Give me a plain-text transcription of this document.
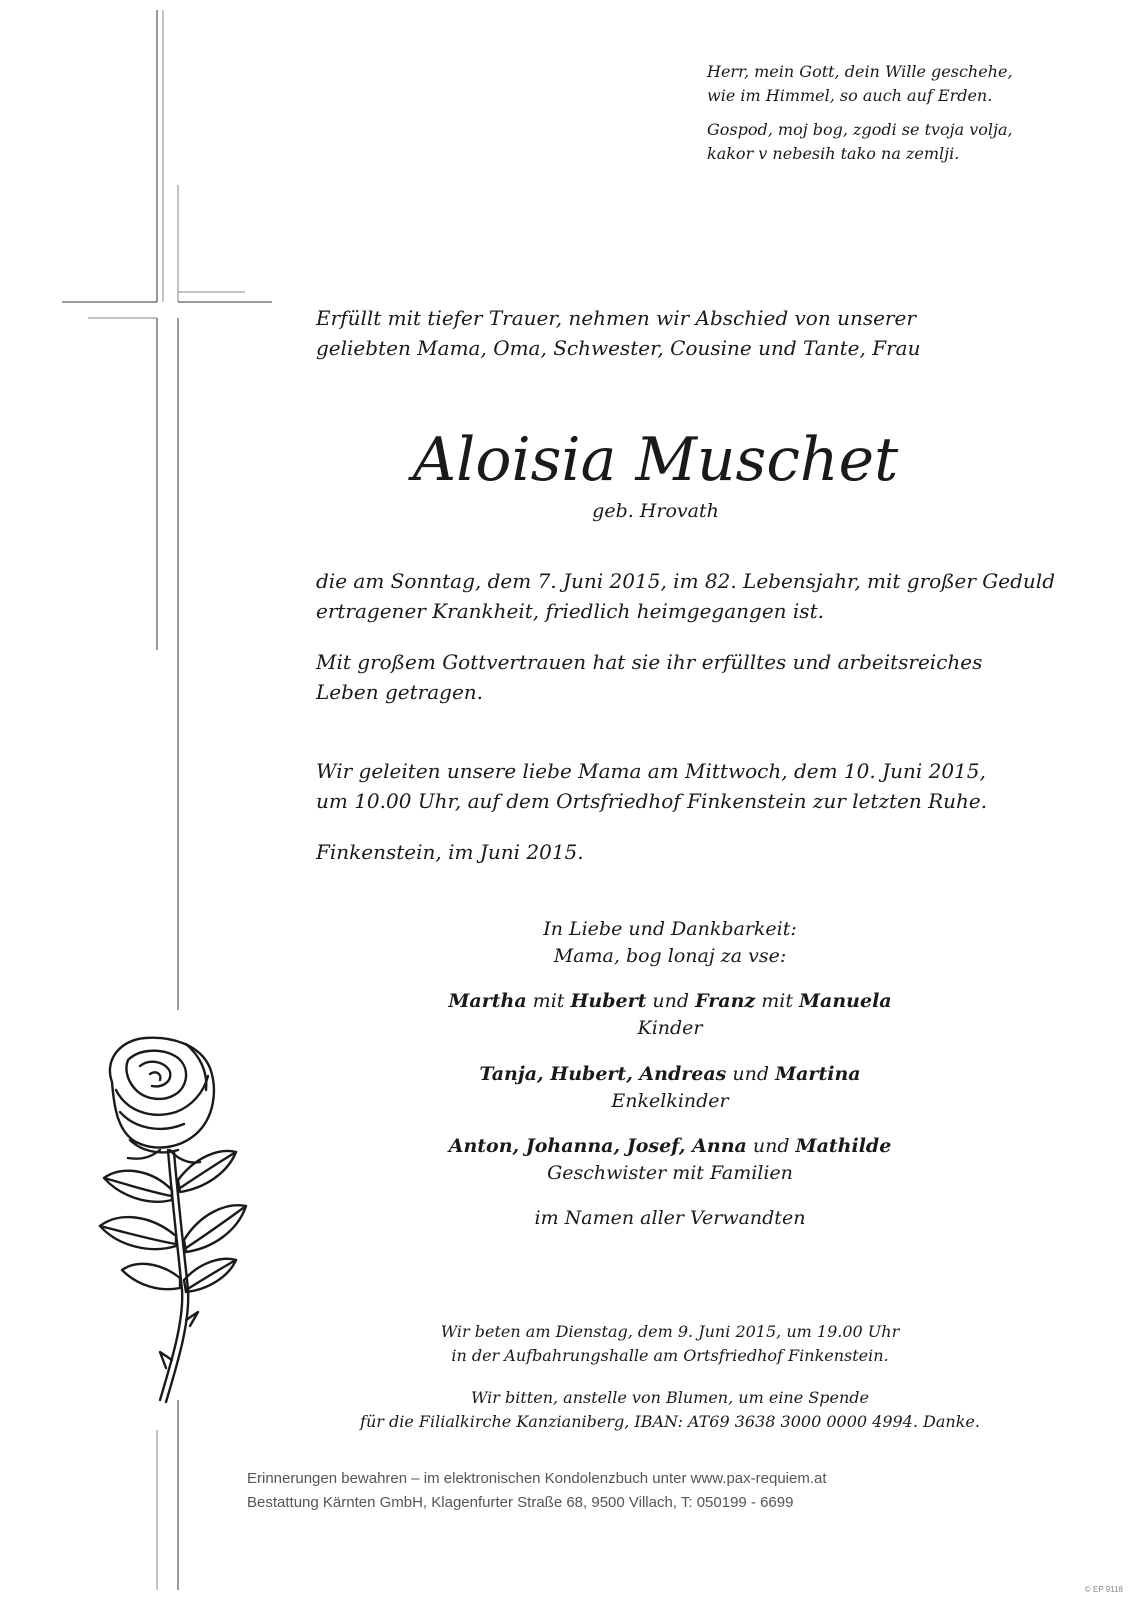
Herr, mein Gott, dein Wille geschehe,
wie im Himmel, so auch auf Erden.
Gospod, moj bog, zgodi se tvoja volja,
kakor v nebesih tako na zemlji.
Erfüllt mit tiefer Trauer, nehmen wir Abschied von unserer
geliebten Mama, Oma, Schwester, Cousine und Tante, Frau
Aloisia Muschet
geb. Hrovath
die am Sonntag, dem 7. Juni 2015, im 82. Lebensjahr, mit großer Geduld
ertragener Krankheit, friedlich heimgegangen ist.
Mit großem Gottvertrauen hat sie ihr erfülltes und arbeitsreiches
Leben getragen.
Wir geleiten unsere liebe Mama am Mittwoch, dem 10. Juni 2015,
um 10.00 Uhr, auf dem Ortsfriedhof Finkenstein zur letzten Ruhe.
Finkenstein, im Juni 2015.
In Liebe und Dankbarkeit:
Mama, bog lonaj za vse:
Martha mit Hubert und Franz mit Manuela
Kinder
Tanja, Hubert, Andreas und Martina
Enkelkinder
Anton, Johanna, Josef, Anna und Mathilde
Geschwister mit Familien
im Namen aller Verwandten
Wir beten am Dienstag, dem 9. Juni 2015, um 19.00 Uhr
in der Aufbahrungshalle am Ortsfriedhof Finkenstein.
Wir bitten, anstelle von Blumen, um eine Spende
für die Filialkirche Kanzianiberg, IBAN: AT69 3638 3000 0000 4994. Danke.
Erinnerungen bewahren – im elektronischen Kondolenzbuch unter www.pax-requiem.at
Bestattung Kärnten GmbH, Klagenfurter Straße 68, 9500 Villach, T: 050199 - 6699
© EP 9118
